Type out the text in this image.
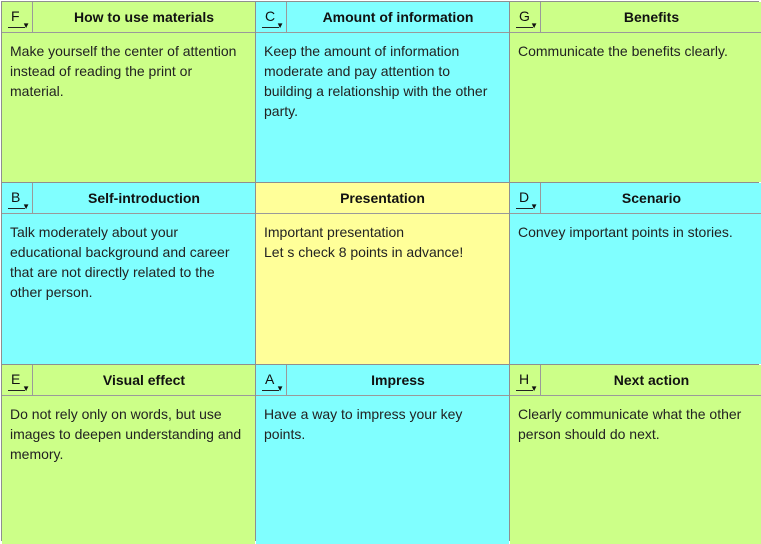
F
▼	How to use materials
Make yourself the center of attention instead of reading the print or material.
C
▼	Amount of information
Keep the amount of information moderate and pay attention to building a relationship with the other party.
G
▼	Benefits
Communicate the benefits clearly.
B
▼	Self-introduction
Talk moderately about your educational background and career that are not directly related to the other person.
Presentation
Important presentation
Let s check 8 points in advance!
D
▼	Scenario
Convey important points in stories.
E
▼	Visual effect
Do not rely only on words, but use images to deepen understanding and memory.
A
▼	Impress
Have a way to impress your key points.
H
▼	Next action
Clearly communicate what the other person should do next.
